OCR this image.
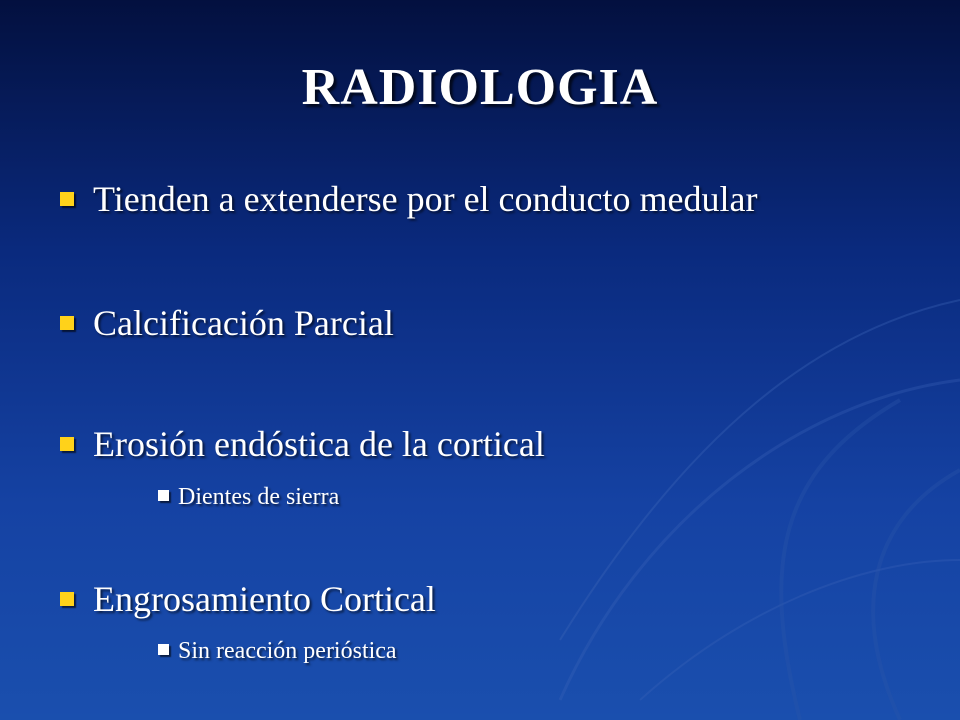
RADIOLOGIA
Tienden a extenderse por el conducto medular
Calcificación Parcial
Erosión endóstica de la cortical
Dientes de sierra
Engrosamiento Cortical
Sin reacción perióstica
